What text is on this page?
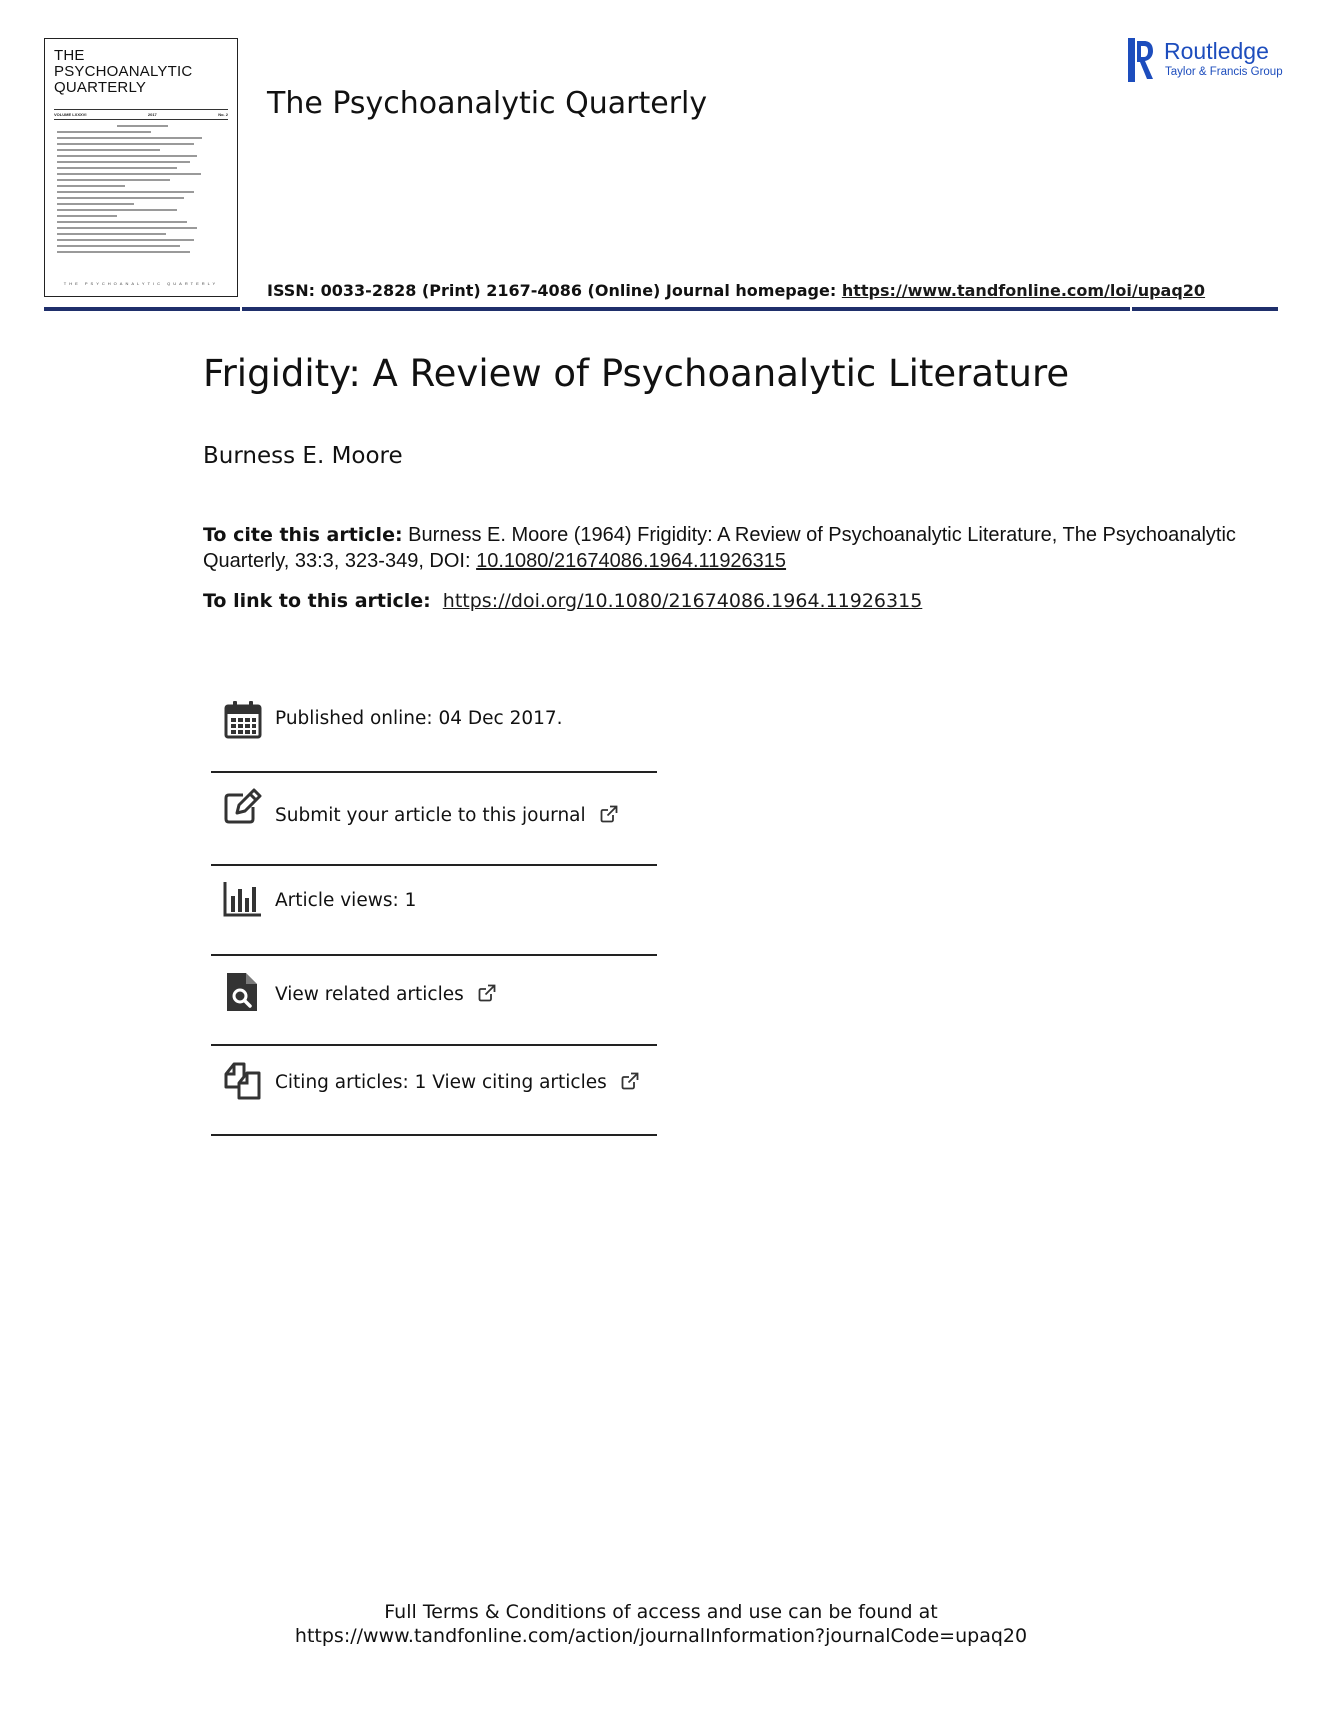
THE
PSYCHOANALYTIC
QUARTERLY
VOLUME LXXXVI	2017	No. 2
THE PSYCHOANALYTIC QUARTERLY
The Psychoanalytic Quarterly
ISSN: 0033-2828 (Print) 2167-4086 (Online) Journal homepage: https://www.tandfonline.com/loi/upaq20
Routledge
Taylor & Francis Group
Frigidity: A Review of Psychoanalytic Literature
Burness E. Moore
To cite this article: Burness E. Moore (1964) Frigidity: A Review of Psychoanalytic Literature, The Psychoanalytic Quarterly, 33:3, 323-349, DOI: 10.1080/21674086.1964.11926315
To link to this article: https://doi.org/10.1080/21674086.1964.11926315
Published online: 04 Dec 2017.
Submit your article to this journal
Article views: 1
View related articles
Citing articles: 1 View citing articles
Full Terms & Conditions of access and use can be found at
https://www.tandfonline.com/action/journalInformation?journalCode=upaq20
